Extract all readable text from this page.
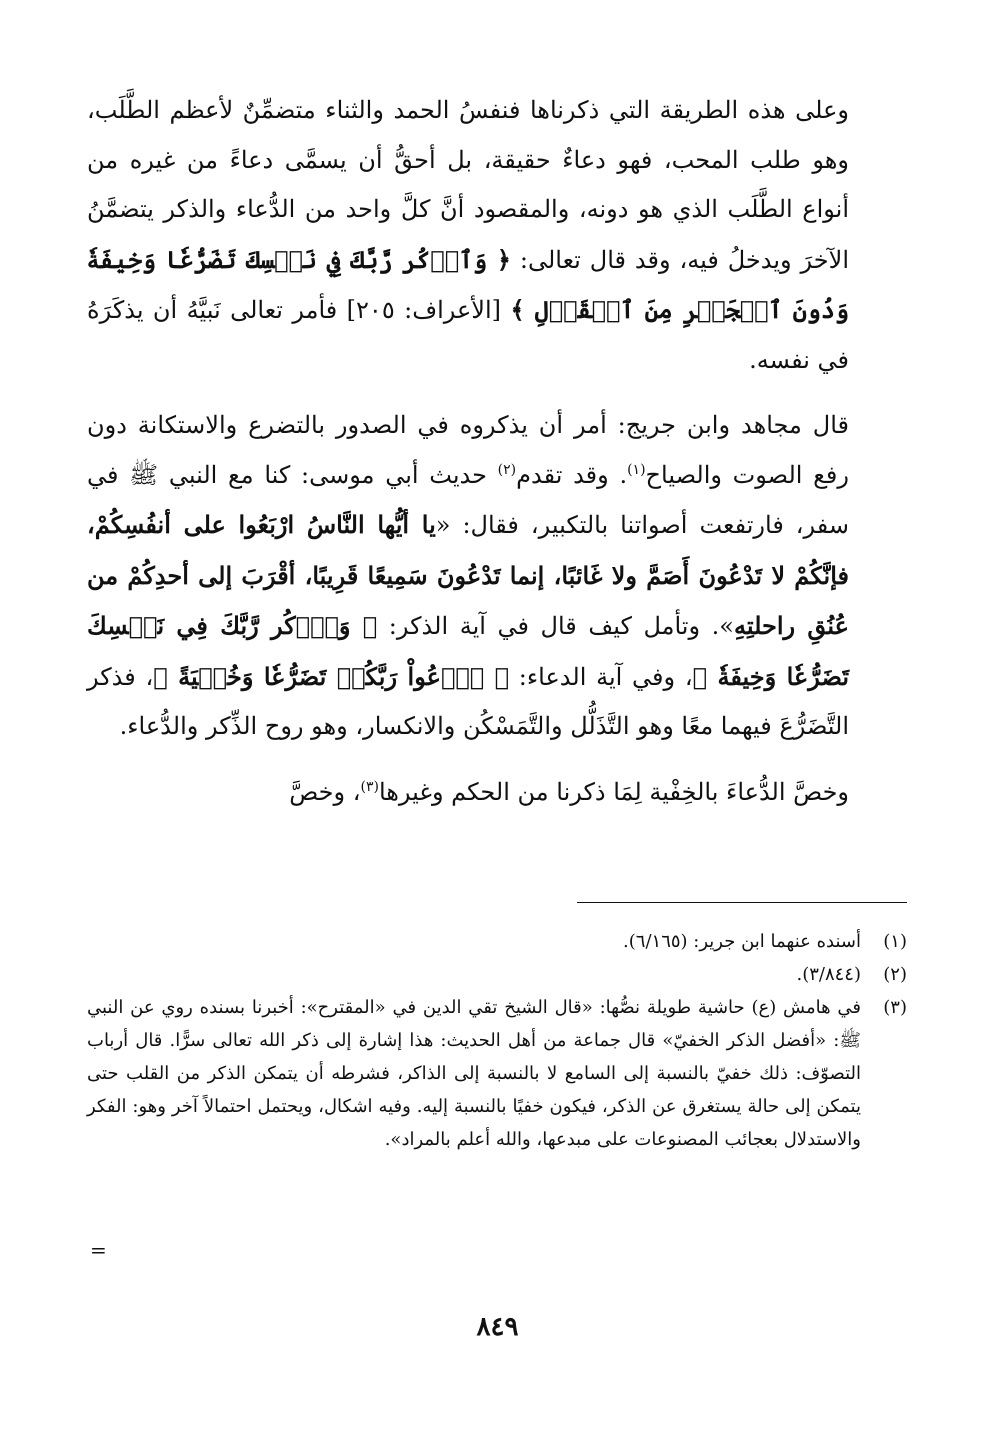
وعلى هذه الطريقة التي ذكرناها فنفسُ الحمد والثناء متضمِّنٌ لأعظم الطَّلَب، وهو طلب المحب، فهو دعاءٌ حقيقة، بل أحقُّ أن يسمَّى دعاءً من غيره من أنواع الطَّلَب الذي هو دونه، والمقصود أنَّ كلَّ واحد من الدُّعاء والذكر يتضمَّنُ الآخرَ ويدخلُ فيه، وقد قال تعالى: ﴿ وَٱذۡكُر رَّبَّكَ فِي نَفۡسِكَ تَضَرُّعٗا وَخِيفَةٗ وَدُونَ ٱلۡجَهۡرِ مِنَ ٱلۡقَوۡلِ ﴾ [الأعراف: ٢٠٥] فأمر تعالى نَبيَّهُ أن يذكَرَهُ في نفسه.

قال مجاهد وابن جريج: أمر أن يذكروه في الصدور بالتضرع والاستكانة دون رفع الصوت والصياح$^{(١)}$. وقد تقدم$^{(٢)}$ حديث أبي موسى: كنا مع النبي ﷺ في سفر، فارتفعت أصواتنا بالتكبير، فقال: «يا أيُّها النَّاسُ ارْبَعُوا على أنفُسِكُمْ، فإنَّكُمْ لا تَدْعُونَ أَصَمَّ ولا غَائبًا، إنما تَدْعُونَ سَمِيعًا قَرِيبًا، أقْرَبَ إلى أحدِكُمْ من عُنُقِ راحلتِهِ». وتأمل كيف قال في آية الذكر: ﴿ وَٱذۡكُر رَّبَّكَ فِي نَفۡسِكَ تَضَرُّعٗا وَخِيفَةٗ ﴾، وفي آية الدعاء: ﴿ ٱدۡعُواْ رَبَّكُمۡ تَضَرُّعٗا وَخُفۡيَةً ﴾، فذكر التَّضَرُّعَ فيهما معًا وهو التَّذَلُّل والتَّمَسْكُن والانكسار، وهو روح الذِّكر والدُّعاء.

وخصَّ الدُّعاءَ بالخِفْية لِمَا ذكرنا من الحكم وغيرها$^{(٣)}$، وخصَّ

(١)
أسنده عنهما ابن جرير: (٦/١٦٥).
(٢)
(٣/٨٤٤).
(٣)
في هامش (ع) حاشية طويلة نصُّها: «قال الشيخ تقي الدين في «المقترح»: أخبرنا بسنده روي عن النبي ﷺ: «أفضل الذكر الخفيّ» قال جماعة من أهل الحديث: هذا إشارة إلى ذكر الله تعالى سرًّا. قال أرباب التصوّف: ذلك خفيّ بالنسبة إلى السامع لا بالنسبة إلى الذاكر، فشرطه أن يتمكن الذكر من القلب حتى يتمكن إلى حالة يستغرق عن الذكر، فيكون خفيًا بالنسبة إليه. وفيه اشكال، ويحتمل احتمالاً آخر وهو: الفكر والاستدلال بعجائب المصنوعات على مبدعها، والله أعلم بالمراد».
=
٨٤٩
